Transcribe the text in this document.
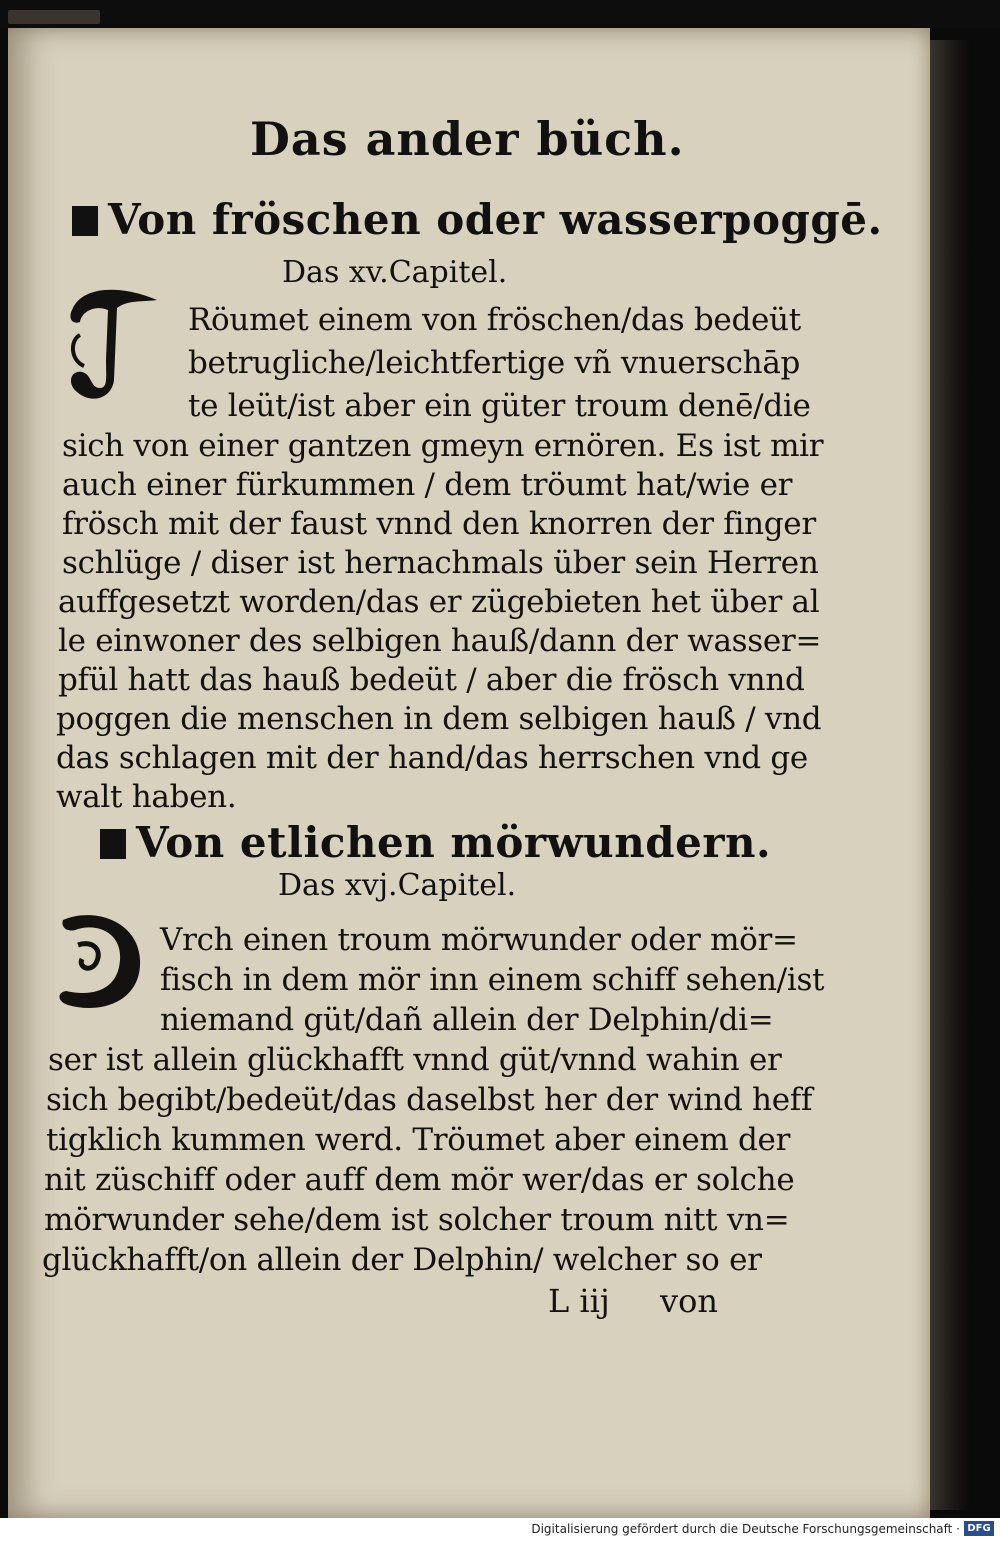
Das ander büch.
Von fröschen oder wasserpoggē.
Das xv.Capitel.
Röumet einem von fröschen/das bedeüt
betrugliche/leichtfertige vñ vnuerschāp
te leüt/ist aber ein güter troum denē/die
sich von einer gantzen gmeyn ernören. Es ist mir
auch einer fürkummen / dem tröumt hat/wie er
frösch mit der faust vnnd den knorren der finger
schlüge / diser ist hernachmals über sein Herren
auffgesetzt worden/das er zügebieten het über al
le einwoner des selbigen hauß/dann der wasser=
pfül hatt das hauß bedeüt / aber die frösch vnnd
poggen die menschen in dem selbigen hauß / vnd
das schlagen mit der hand/das herrschen vnd ge
walt haben.
Von etlichen mörwundern.
Das xvj.Capitel.
Vrch einen troum mörwunder oder mör=
fisch in dem mör inn einem schiff sehen/ist
niemand güt/dañ allein der Delphin/di=
ser ist allein glückhafft vnnd güt/vnnd wahin er
sich begibt/bedeüt/das daselbst her der wind heff
tigklich kummen werd. Tröumet aber einem der
nit züschiff oder auff dem mör wer/das er solche
mörwunder sehe/dem ist solcher troum nitt vn=
glückhafft/on allein der Delphin/ welcher so er
L iij von
Digitalisierung gefördert durch die Deutsche Forschungsgemeinschaft · DFG
